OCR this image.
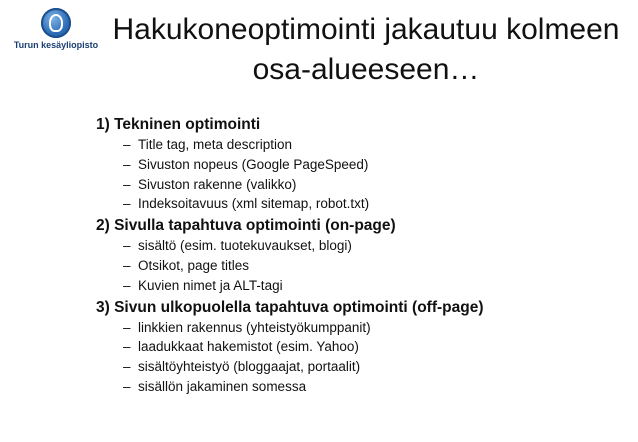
Turun kesäyliopisto Hakukoneoptimointi jakautuu kolmeen osa-alueeseen…

1) Tekninen optimointi

– Title tag, meta description
– Sivuston nopeus (Google PageSpeed)
– Sivuston rakenne (valikko)
– Indeksoitavuus (xml sitemap, robot.txt)

2) Sivulla tapahtuva optimointi (on-page)

– sisältö (esim. tuotekuvaukset, blogi)
– Otsikot, page titles
– Kuvien nimet ja ALT-tagi

3) Sivun ulkopuolella tapahtuva optimointi (off-page)

– linkkien rakennus (yhteistyökumppanit)
– laadukkaat hakemistot (esim. Yahoo)
– sisältöyhteistyö (bloggaajat, portaalit)
– sisällön jakaminen somessa
